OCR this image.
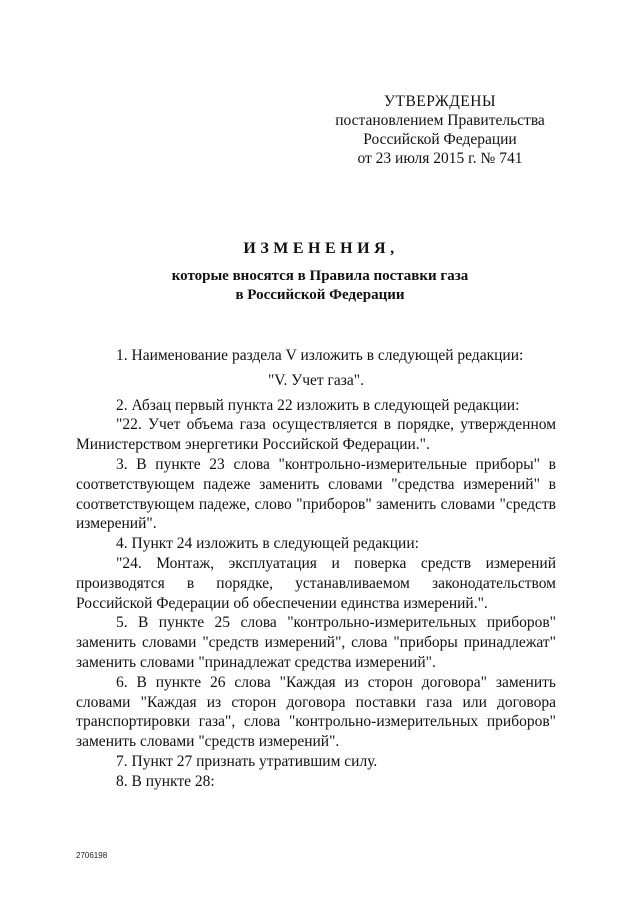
УТВЕРЖДЕНЫ
постановлением Правительства
Российской Федерации
от 23 июля 2015 г. № 741
ИЗМЕНЕНИЯ,
которые вносятся в Правила поставки газа
в Российской Федерации

1. Наименование раздела V изложить в следующей редакции:

"V. Учет газа".

2. Абзац первый пункта 22 изложить в следующей редакции:

"22. Учет объема газа осуществляется в порядке, утвержденном Министерством энергетики Российской Федерации.".

3. В пункте 23 слова "контрольно-измерительные приборы" в соответствующем падеже заменить словами "средства измерений" в соответствующем падеже, слово "приборов" заменить словами "средств измерений".

4. Пункт 24 изложить в следующей редакции:

"24. Монтаж, эксплуатация и поверка средств измерений производятся в порядке, устанавливаемом законодательством Российской Федерации об обеспечении единства измерений.".

5. В пункте 25 слова "контрольно-измерительных приборов" заменить словами "средств измерений", слова "приборы принадлежат" заменить словами "принадлежат средства измерений".

6. В пункте 26 слова "Каждая из сторон договора" заменить словами "Каждая из сторон договора поставки газа или договора транспортировки газа", слова "контрольно-измерительных приборов" заменить словами "средств измерений".

7. Пункт 27 признать утратившим силу.

8. В пункте 28:

2706198
